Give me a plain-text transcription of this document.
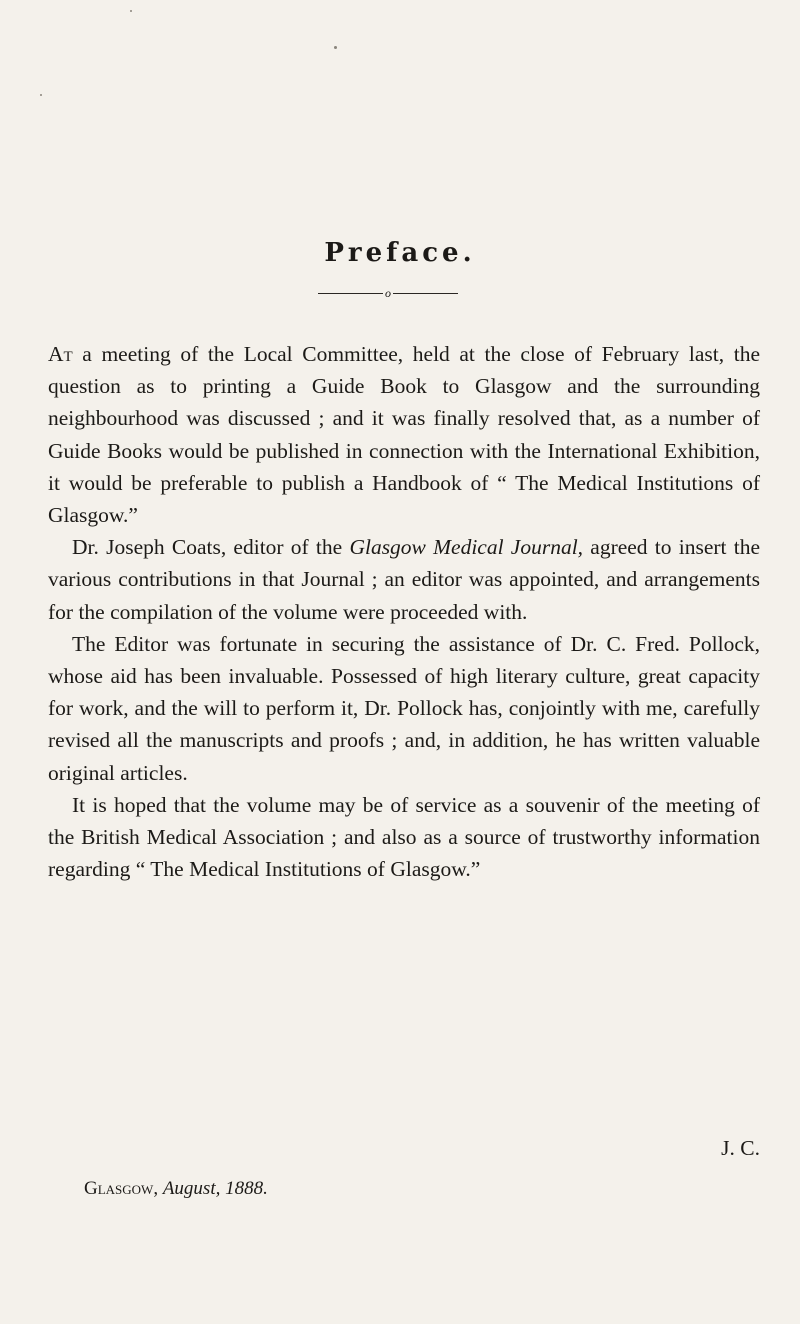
Preface.
o

At a meeting of the Local Committee, held at the close of February last, the question as to printing a Guide Book to Glasgow and the surrounding neighbourhood was discussed ; and it was finally resolved that, as a number of Guide Books would be published in connection with the International Exhibition, it would be preferable to publish a Handbook of “ The Medical Institutions of Glasgow.”

Dr. Joseph Coats, editor of the Glasgow Medical Journal, agreed to insert the various contributions in that Journal ; an editor was appointed, and arrangements for the compilation of the volume were proceeded with.

The Editor was fortunate in securing the assistance of Dr. C. Fred. Pollock, whose aid has been invaluable. Possessed of high literary culture, great capacity for work, and the will to perform it, Dr. Pollock has, conjointly with me, carefully revised all the manuscripts and proofs ; and, in addition, he has written valuable original articles.

It is hoped that the volume may be of service as a souvenir of the meeting of the British Medical Association ; and also as a source of trustworthy information regarding “ The Medical Institutions of Glasgow.”

J. C.
Glasgow, August, 1888.
